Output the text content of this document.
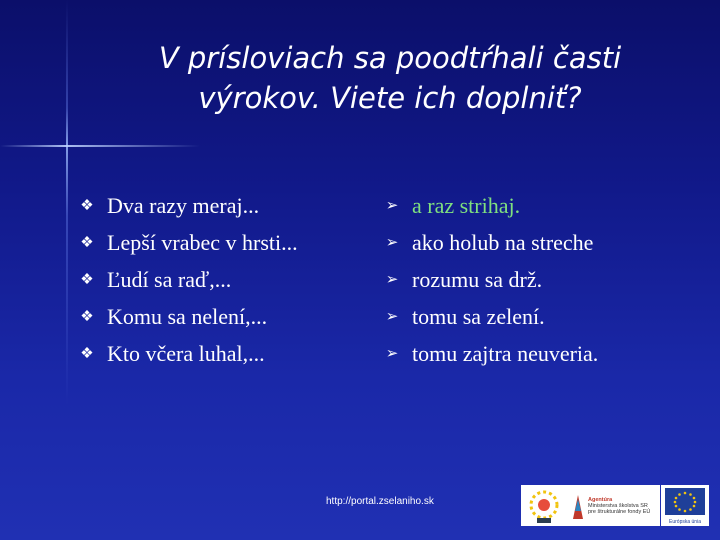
V prísloviach sa poodtŕhali časti
výrokov. Viete ich doplniť?
❖ Dva razy meraj...
❖ Lepší vrabec v hrsti...
❖ Ľudí sa raď,...
❖ Komu sa nelení,...
❖ Kto včera luhal,...
➢ a raz strihaj.
➢ ako holub na streche
➢ rozumu sa drž.
➢ tomu sa zelení.
➢ tomu zajtra neuveria.
http://portal.zselaniho.sk	Agentúra
Ministerstva školstva SR
pre štrukturálne fondy EÚ
Európska únia
